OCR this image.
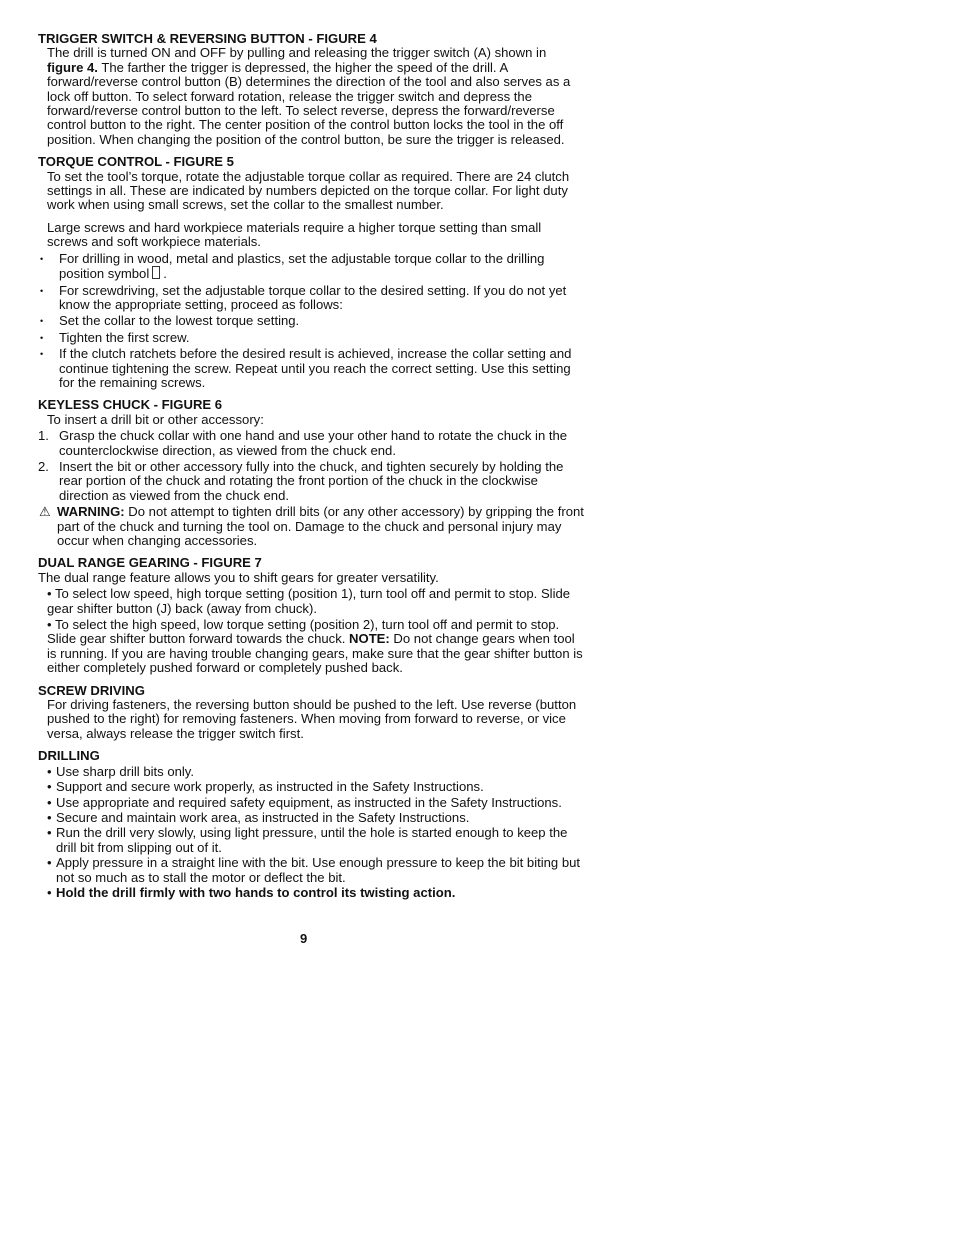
TRIGGER SWITCH & REVERSING BUTTON - FIGURE 4

The drill is turned ON and OFF by pulling and releasing the trigger switch (A) shown in
figure 4. The farther the trigger is depressed, the higher the speed of the drill. A forward/reverse control button (B) determines the direction of the tool and also serves as a lock off button. To select forward rotation, release the trigger switch and depress the forward/reverse control button to the left. To select reverse, depress the forward/reverse control button to the right. The center position of the control button locks the tool in the off position. When changing the position of the control button, be sure the trigger is released.

TORQUE CONTROL - FIGURE 5

To set the tool’s torque, rotate the adjustable torque collar as required. There are 24 clutch settings in all. These are indicated by numbers depicted on the torque collar. For light duty work when using small screws, set the collar to the smallest number.

Large screws and hard workpiece materials require a higher torque setting than small screws and soft workpiece materials.

• For drilling in wood, metal and plastics, set the adjustable torque collar to the drilling position symbol .
• For screwdriving, set the adjustable torque collar to the desired setting. If you do not yet know the appropriate setting, proceed as follows:
• Set the collar to the lowest torque setting.
• Tighten the first screw.
• If the clutch ratchets before the desired result is achieved, increase the collar setting and continue tightening the screw. Repeat until you reach the correct setting. Use this setting for the remaining screws.

KEYLESS CHUCK - FIGURE 6

To insert a drill bit or other accessory:

1. Grasp the chuck collar with one hand and use your other hand to rotate the chuck in the counterclockwise direction, as viewed from the chuck end.
2. Insert the bit or other accessory fully into the chuck, and tighten securely by holding the rear portion of the chuck and rotating the front portion of the chuck in the clockwise direction as viewed from the chuck end.
⚠ WARNING: Do not attempt to tighten drill bits (or any other accessory) by gripping the front part of the chuck and turning the tool on. Damage to the chuck and personal injury may occur when changing accessories.

DUAL RANGE GEARING - FIGURE 7

The dual range feature allows you to shift gears for greater versatility.

• To select low speed, high torque setting (position 1), turn tool off and permit to stop. Slide gear shifter button (J) back (away from chuck).
• To select the high speed, low torque setting (position 2), turn tool off and permit to stop. Slide gear shifter button forward towards the chuck. NOTE: Do not change gears when tool is running. If you are having trouble changing gears, make sure that the gear shifter button is either completely pushed forward or completely pushed back.

SCREW DRIVING

For driving fasteners, the reversing button should be pushed to the left. Use reverse (button pushed to the right) for removing fasteners. When moving from forward to reverse, or vice versa, always release the trigger switch first.

DRILLING

• Use sharp drill bits only.
• Support and secure work properly, as instructed in the Safety Instructions.
• Use appropriate and required safety equipment, as instructed in the Safety Instructions.
• Secure and maintain work area, as instructed in the Safety Instructions.
• Run the drill very slowly, using light pressure, until the hole is started enough to keep the drill bit from slipping out of it.
• Apply pressure in a straight line with the bit. Use enough pressure to keep the bit biting but not so much as to stall the motor or deflect the bit.
• Hold the drill firmly with two hands to control its twisting action.
9
